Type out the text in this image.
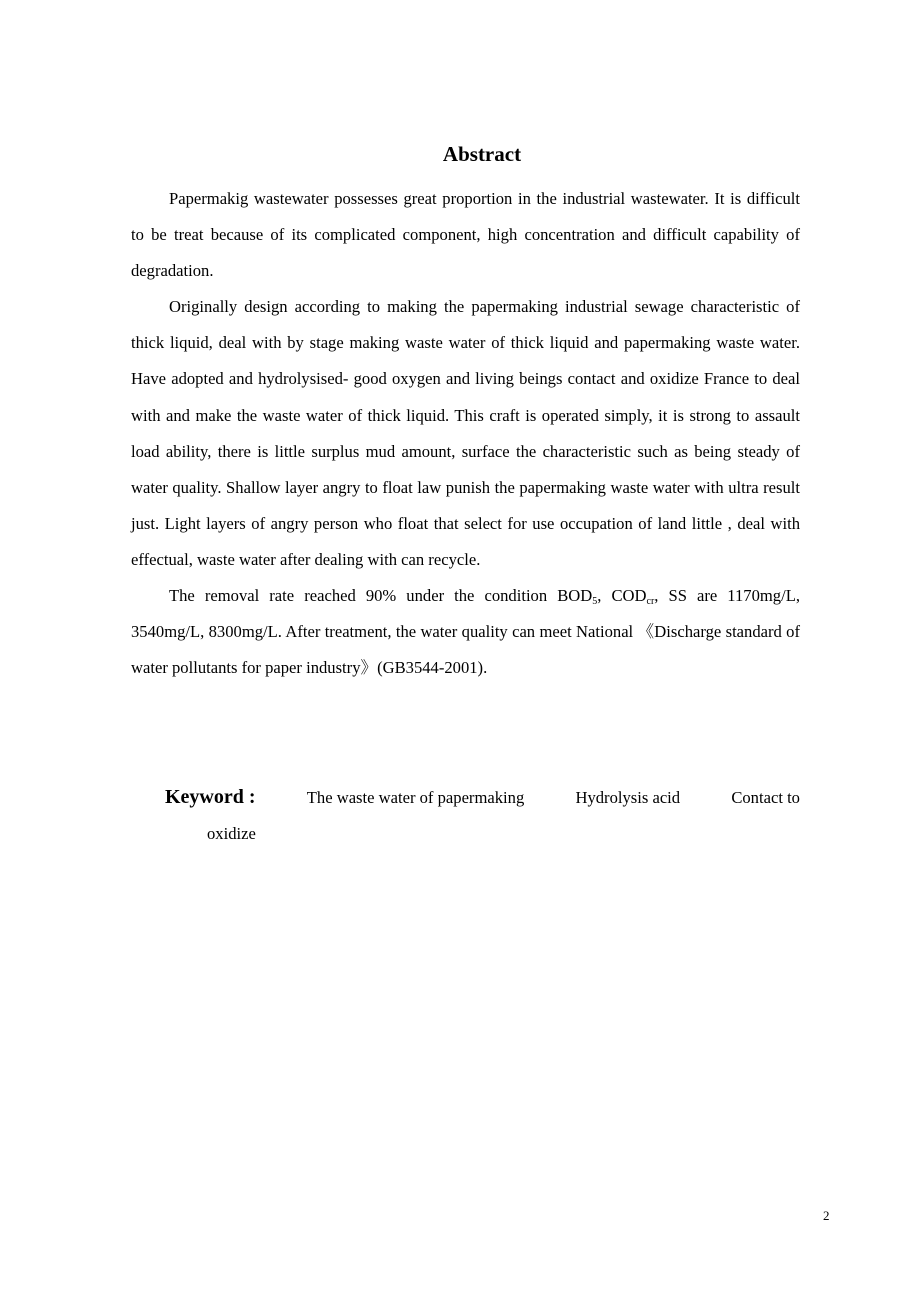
Abstract

Papermakig wastewater possesses great proportion in the industrial wastewater. It is difficult to be treat because of its complicated component, high concentration and difficult capability of degradation.

Originally design according to making the papermaking industrial sewage characteristic of thick liquid, deal with by stage making waste water of thick liquid and papermaking waste water. Have adopted and hydrolysised- good oxygen and living beings contact and oxidize France to deal with and make the waste water of thick liquid. This craft is operated simply, it is strong to assault load ability, there is little surplus mud amount, surface the characteristic such as being steady of water quality. Shallow layer angry to float law punish the papermaking waste water with ultra result just. Light layers of angry person who float that select for use occupation of land little , deal with effectual, waste water after dealing with can recycle.

The removal rate reached 90% under the condition $BOD_5$, $COD_{cr}$, SS are 1170mg/L, 3540mg/L, 8300mg/L. After treatment, the water quality can meet National 《Discharge standard of water pollutants for paper industry》(GB3544-2001).

Keyword :	The waste water of papermaking	Hydrolysis acid	Contact to
oxidize
2
